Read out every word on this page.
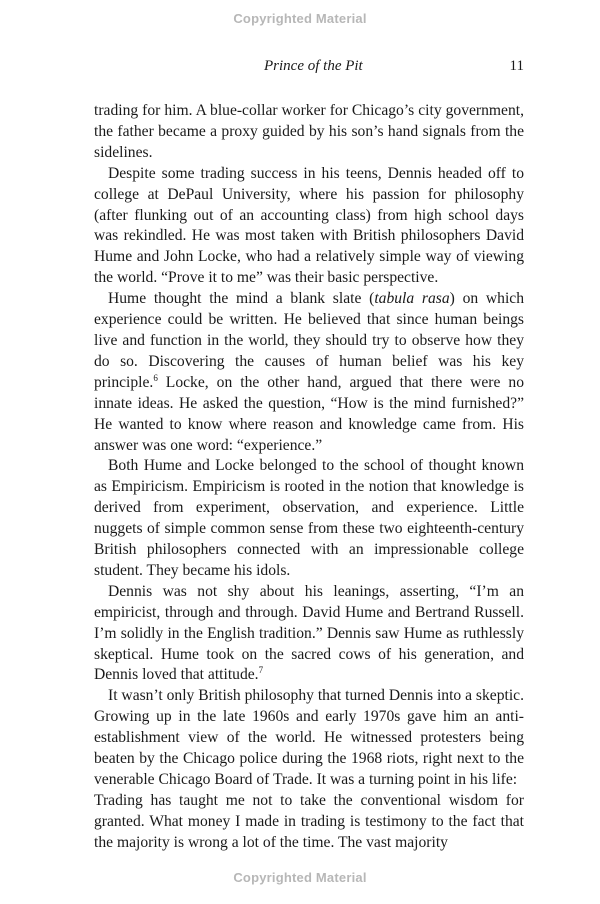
Copyrighted Material
Prince of the Pit	11

trading for him. A blue-collar worker for Chicago’s city government, the father became a proxy guided by his son’s hand signals from the sidelines.

Despite some trading success in his teens, Dennis headed off to college at DePaul University, where his passion for philosophy (after flunking out of an accounting class) from high school days was rekindled. He was most taken with British philosophers David Hume and John Locke, who had a relatively simple way of viewing the world. “Prove it to me” was their basic perspective.

Hume thought the mind a blank slate (tabula rasa) on which experience could be written. He believed that since human beings live and function in the world, they should try to observe how they do so. Discovering the causes of human belief was his key principle.$^6$ Locke, on the other hand, argued that there were no innate ideas. He asked the question, “How is the mind furnished?” He wanted to know where reason and knowledge came from. His answer was one word: “experience.”

Both Hume and Locke belonged to the school of thought known as Empiricism. Empiricism is rooted in the notion that knowledge is derived from experiment, observation, and experience. Little nuggets of simple common sense from these two eighteenth-century British philosophers connected with an impressionable college student. They became his idols.

Dennis was not shy about his leanings, asserting, “I’m an empiricist, through and through. David Hume and Bertrand Russell. I’m solidly in the English tradition.” Dennis saw Hume as ruthlessly skeptical. Hume took on the sacred cows of his generation, and Dennis loved that attitude.$^7$

It wasn’t only British philosophy that turned Dennis into a skeptic. Growing up in the late 1960s and early 1970s gave him an anti-establishment view of the world. He witnessed protesters being beaten by the Chicago police during the 1968 riots, right next to the venerable Chicago Board of Trade. It was a turning point in his life:

Trading has taught me not to take the conventional wisdom for granted. What money I made in trading is testimony to the fact that the majority is wrong a lot of the time. The vast majority

Copyrighted Material
